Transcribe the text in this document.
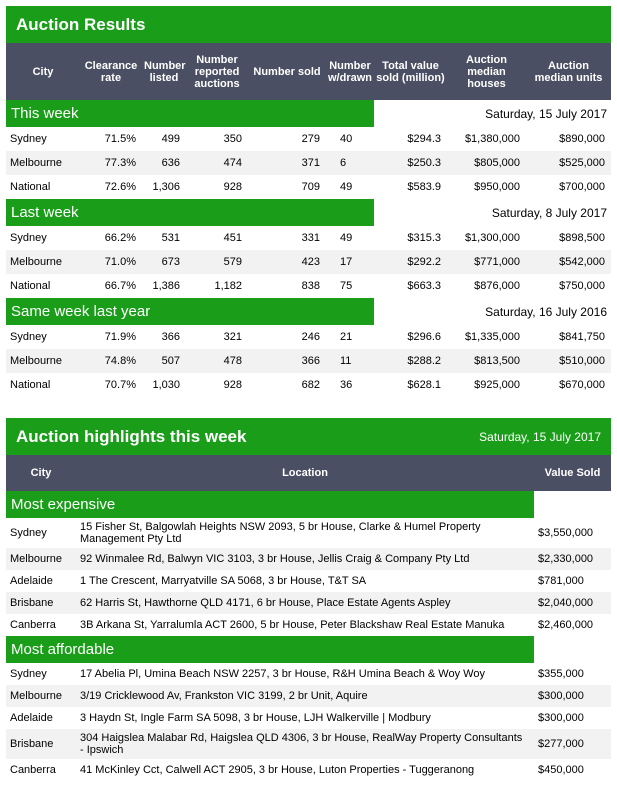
Auction Results
City	Clearance rate	Number listed	Number reported auctions	Number sold	Number w/drawn	Total value sold (million)	Auction median houses	Auction median units
This week						Saturday, 15 July 2017		
Sydney	71.5%	499	350	279	40	$294.3	$1,380,000	$890,000
Melbourne	77.3%	636	474	371	6	$250.3	$805,000	$525,000
National	72.6%	1,306	928	709	49	$583.9	$950,000	$700,000
Last week						Saturday, 8 July 2017		
Sydney	66.2%	531	451	331	49	$315.3	$1,300,000	$898,500
Melbourne	71.0%	673	579	423	17	$292.2	$771,000	$542,000
National	66.7%	1,386	1,182	838	75	$663.3	$876,000	$750,000
Same week last year						Saturday, 16 July 2016		
Sydney	71.9%	366	321	246	21	$296.6	$1,335,000	$841,750
Melbourne	74.8%	507	478	366	11	$288.2	$813,500	$510,000
National	70.7%	1,030	928	682	36	$628.1	$925,000	$670,000
Auction highlights this week	Saturday, 15 July 2017
City	Location	Value Sold
Most expensive		
Sydney	15 Fisher St, Balgowlah Heights NSW 2093, 5 br House, Clarke & Humel Property Management Pty Ltd	$3,550,000
Melbourne	92 Winmalee Rd, Balwyn VIC 3103, 3 br House, Jellis Craig & Company Pty Ltd	$2,330,000
Adelaide	1 The Crescent, Marryatville SA 5068, 3 br House, T&T SA	$781,000
Brisbane	62 Harris St, Hawthorne QLD 4171, 6 br House, Place Estate Agents Aspley	$2,040,000
Canberra	3B Arkana St, Yarralumla ACT 2600, 5 br House, Peter Blackshaw Real Estate Manuka	$2,460,000
Most affordable		
Sydney	17 Abelia Pl, Umina Beach NSW 2257, 3 br House, R&H Umina Beach & Woy Woy	$355,000
Melbourne	3/19 Cricklewood Av, Frankston VIC 3199, 2 br Unit, Aquire	$300,000
Adelaide	3 Haydn St, Ingle Farm SA 5098, 3 br House, LJH Walkerville | Modbury	$300,000
Brisbane	304 Haigslea Malabar Rd, Haigslea QLD 4306, 3 br House, RealWay Property Consultants - Ipswich	$277,000
Canberra	41 McKinley Cct, Calwell ACT 2905, 3 br House, Luton Properties - Tuggeranong	$450,000
